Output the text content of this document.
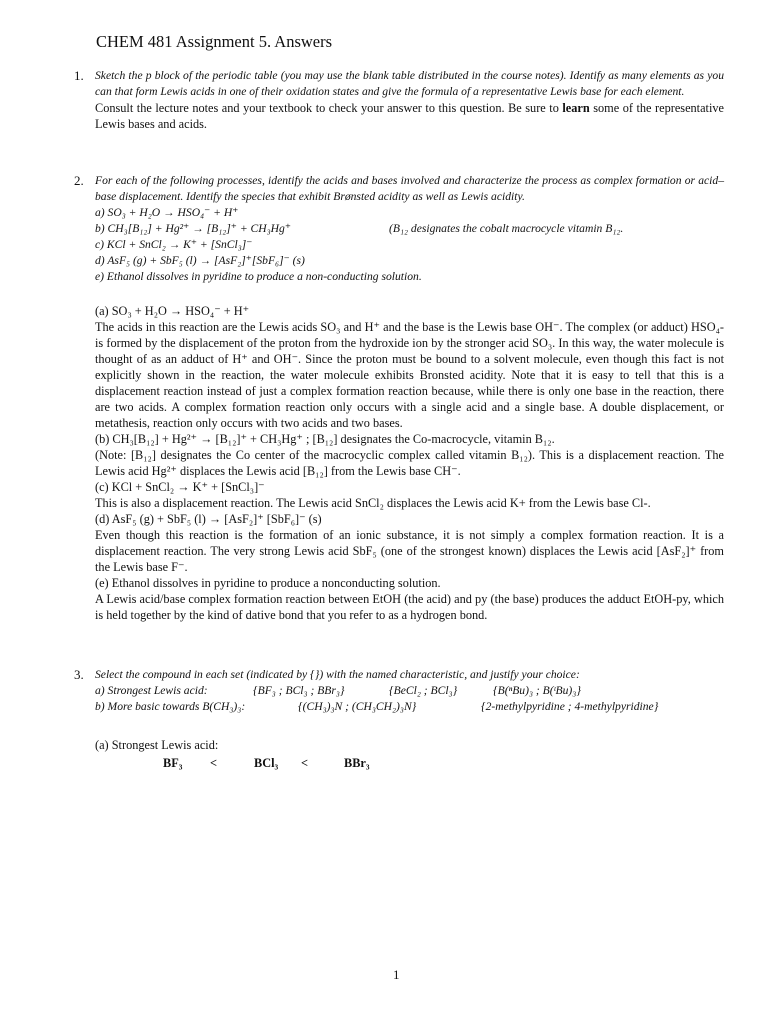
CHEM 481 Assignment 5. Answers
1. Sketch the p block of the periodic table (you may use the blank table distributed in the course notes). Identify as many elements as you can that form Lewis acids in one of their oxidation states and give the formula of a representative Lewis base for each element.

Consult the lecture notes and your textbook to check your answer to this question. Be sure to learn some of the representative Lewis bases and acids.

2. For each of the following processes, identify the acids and bases involved and characterize the process as complex formation or acid–base displacement. Identify the species that exhibit Brønsted acidity as well as Lewis acidity.

a) SO₃ + H₂O → HSO₄⁻ + H⁺
b) CH₃[B₁₂] + Hg²⁺ → [B₁₂]⁺ + CH₃Hg⁺	(B₁₂ designates the cobalt macrocycle vitamin B₁₂.
c) KCl + SnCl₂ → K⁺ + [SnCl₃]⁻
d) AsF₅ (g) + SbF₅ (l) → [AsF₂]⁺[SbF₆]⁻ (s)
e) Ethanol dissolves in pyridine to produce a non-conducting solution.

(a) SO₃ + H₂O → HSO₄⁻ + H⁺

The acids in this reaction are the Lewis acids SO₃ and H⁺ and the base is the Lewis base OH⁻. The complex (or adduct) HSO₄- is formed by the displacement of the proton from the hydroxide ion by the stronger acid SO₃. In this way, the water molecule is thought of as an adduct of H⁺ and OH⁻. Since the proton must be bound to a solvent molecule, even though this fact is not explicitly shown in the reaction, the water molecule exhibits Bronsted acidity. Note that it is easy to tell that this is a displacement reaction instead of just a complex formation reaction because, while there is only one base in the reaction, there are two acids. A complex formation reaction only occurs with a single acid and a single base. A double displacement, or metathesis, reaction only occurs with two acids and two bases.

(b) CH₃[B₁₂] + Hg²⁺ → [B₁₂]⁺ + CH₃Hg⁺ ; [B₁₂] designates the Co-macrocycle, vitamin B₁₂.

(Note: [B₁₂] designates the Co center of the macrocyclic complex called vitamin B₁₂). This is a displacement reaction. The Lewis acid Hg²⁺ displaces the Lewis acid [B₁₂] from the Lewis base CH⁻.

(c) KCl + SnCl₂ → K⁺ + [SnCl₃]⁻

This is also a displacement reaction. The Lewis acid SnCl₂ displaces the Lewis acid K+ from the Lewis base Cl-.

(d) AsF₅ (g) + SbF₅ (l) → [AsF₂]⁺ [SbF₆]⁻ (s)

Even though this reaction is the formation of an ionic substance, it is not simply a complex formation reaction. It is a displacement reaction. The very strong Lewis acid SbF₅ (one of the strongest known) displaces the Lewis acid [AsF₂]⁺ from the Lewis base F⁻.

(e) Ethanol dissolves in pyridine to produce a nonconducting solution.

A Lewis acid/base complex formation reaction between EtOH (the acid) and py (the base) produces the adduct EtOH-py, which is held together by the kind of dative bond that you refer to as a hydrogen bond.

3. Select the compound in each set (indicated by {}) with the named characteristic, and justify your choice:

a) Strongest Lewis acid:	{BF₃ ; BCl₃ ; BBr₃}	{BeCl₂ ; BCl₃}	{B(ⁿBu)₃ ; B(ᵗBu)₃}
b) More basic towards B(CH₃)₃:	{(CH₃)₃N ; (CH₃CH₂)₃N}	{2-methylpyridine ; 4-methylpyridine}
(a) Strongest Lewis acid:
BF₃ <	BCl₃ <	BBr₃
1
